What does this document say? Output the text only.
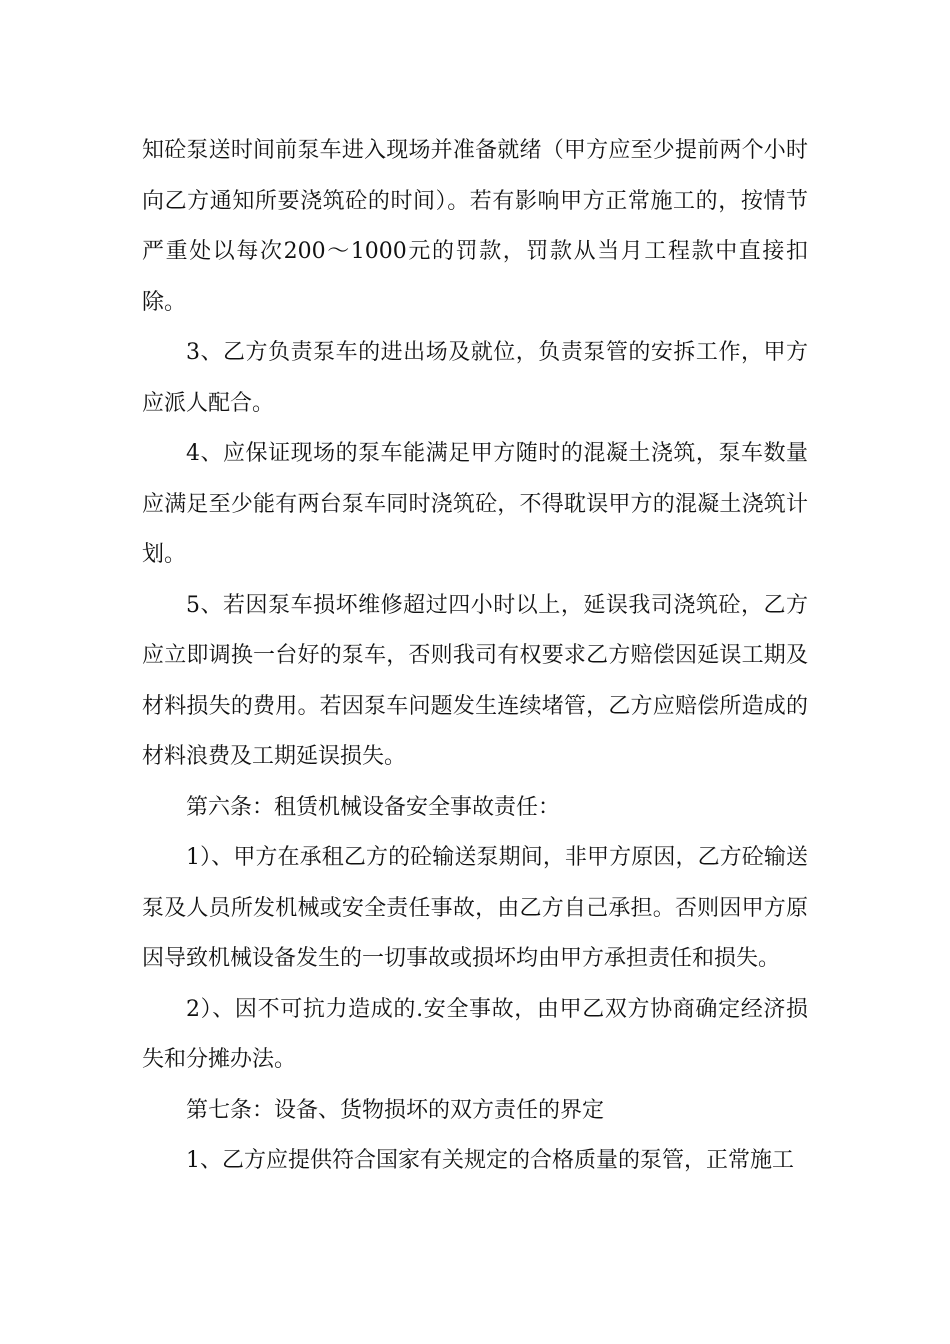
知砼泵送时间前泵车进入现场并准备就绪（甲方应至少提前两个小时向乙方通知所要浇筑砼的时间）。若有影响甲方正常施工的，按情节严重处以每次200～1000元的罚款，罚款从当月工程款中直接扣除。

3、乙方负责泵车的进出场及就位，负责泵管的安拆工作，甲方应派人配合。

4、应保证现场的泵车能满足甲方随时的混凝土浇筑，泵车数量应满足至少能有两台泵车同时浇筑砼，不得耽误甲方的混凝土浇筑计划。

5、若因泵车损坏维修超过四小时以上，延误我司浇筑砼，乙方应立即调换一台好的泵车，否则我司有权要求乙方赔偿因延误工期及材料损失的费用。若因泵车问题发生连续堵管，乙方应赔偿所造成的材料浪费及工期延误损失。

第六条：租赁机械设备安全事故责任：

1）、甲方在承租乙方的砼输送泵期间，非甲方原因，乙方砼输送泵及人员所发机械或安全责任事故，由乙方自己承担。否则因甲方原因导致机械设备发生的一切事故或损坏均由甲方承担责任和损失。

2）、因不可抗力造成的.安全事故，由甲乙双方协商确定经济损失和分摊办法。

第七条：设备、货物损坏的双方责任的界定

1、乙方应提供符合国家有关规定的合格质量的泵管，正常施工
